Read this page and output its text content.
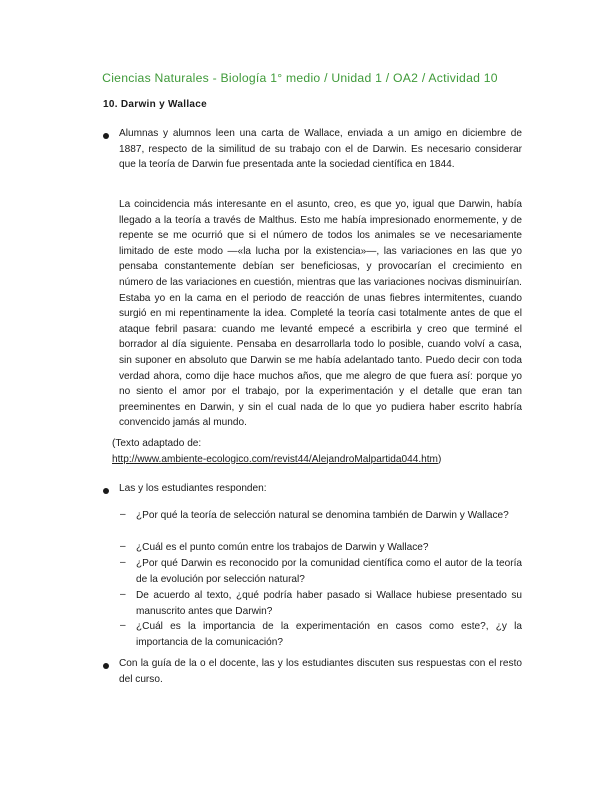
Ciencias Naturales - Biología 1° medio / Unidad 1 / OA2 / Actividad 10
10. Darwin y Wallace

Alumnas y alumnos leen una carta de Wallace, enviada a un amigo en diciembre de 1887, respecto de la similitud de su trabajo con el de Darwin. Es necesario considerar que la teoría de Darwin fue presentada ante la sociedad científica en 1844.

La coincidencia más interesante en el asunto, creo, es que yo, igual que Darwin, había llegado a la teoría a través de Malthus. Esto me había impresionado enormemente, y de repente se me ocurrió que si el número de todos los animales se ve necesariamente limitado de este modo —«la lucha por la existencia»—, las variaciones en las que yo pensaba constantemente debían ser beneficiosas, y provocarían el crecimiento en número de las variaciones en cuestión, mientras que las variaciones nocivas disminuirían. Estaba yo en la cama en el periodo de reacción de unas fiebres intermitentes, cuando surgió en mi repentinamente la idea. Completé la teoría casi totalmente antes de que el ataque febril pasara: cuando me levanté empecé a escribirla y creo que terminé el borrador al día siguiente. Pensaba en desarrollarla todo lo posible, cuando volví a casa, sin suponer en absoluto que Darwin se me había adelantado tanto. Puedo decir con toda verdad ahora, como dije hace muchos años, que me alegro de que fuera así: porque yo no siento el amor por el trabajo, por la experimentación y el detalle que eran tan preeminentes en Darwin, y sin el cual nada de lo que yo pudiera haber escrito habría convencido jamás al mundo.

(Texto adaptado de:
http://www.ambiente-ecologico.com/revist44/AlejandroMalpartida044.htm)

Las y los estudiantes responden:

– ¿Por qué la teoría de selección natural se denomina también de Darwin y Wallace?

– ¿Cuál es el punto común entre los trabajos de Darwin y Wallace?

– ¿Por qué Darwin es reconocido por la comunidad científica como el autor de la teoría de la evolución por selección natural?

– De acuerdo al texto, ¿qué podría haber pasado si Wallace hubiese presentado su manuscrito antes que Darwin?

– ¿Cuál es la importancia de la experimentación en casos como este?, ¿y la importancia de la comunicación?

Con la guía de la o el docente, las y los estudiantes discuten sus respuestas con el resto del curso.
